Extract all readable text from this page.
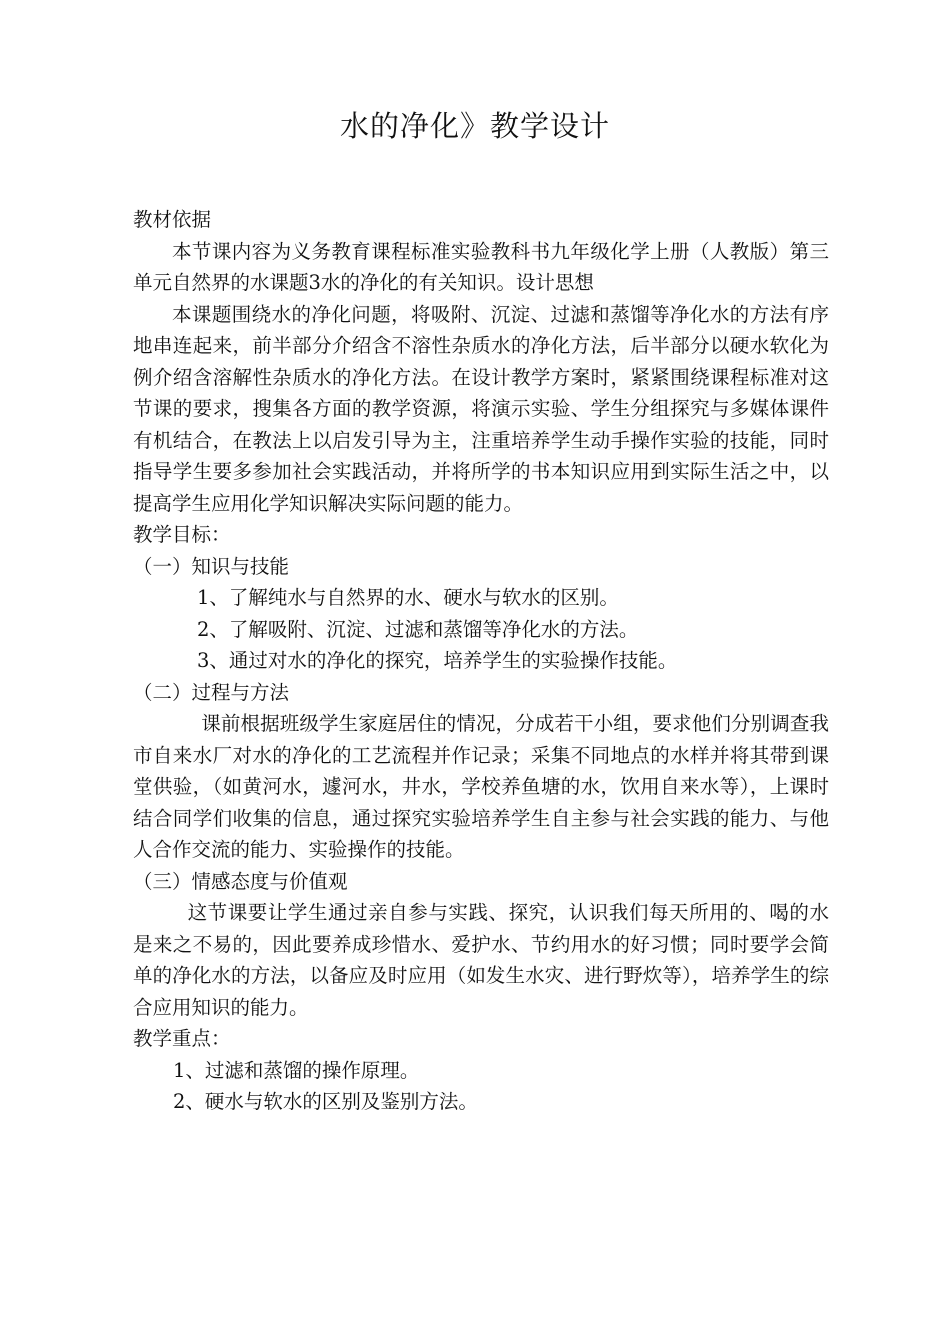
水的净化》教学设计

教材依据

本节课内容为义务教育课程标准实验教科书九年级化学上册（人教版）第三单元自然界的水课题3水的净化的有关知识。设计思想

本课题围绕水的净化问题，将吸附、沉淀、过滤和蒸馏等净化水的方法有序地串连起来，前半部分介绍含不溶性杂质水的净化方法，后半部分以硬水软化为例介绍含溶解性杂质水的净化方法。在设计教学方案时，紧紧围绕课程标准对这节课的要求，搜集各方面的教学资源，将演示实验、学生分组探究与多媒体课件有机结合，在教法上以启发引导为主，注重培养学生动手操作实验的技能，同时指导学生要多参加社会实践活动，并将所学的书本知识应用到实际生活之中，以提高学生应用化学知识解决实际问题的能力。

教学目标：

（一）知识与技能

1、了解纯水与自然界的水、硬水与软水的区别。

2、了解吸附、沉淀、过滤和蒸馏等净化水的方法。

3、通过对水的净化的探究，培养学生的实验操作技能。

（二）过程与方法

课前根据班级学生家庭居住的情况，分成若干小组，要求他们分别调查我市自来水厂对水的净化的工艺流程并作记录；采集不同地点的水样并将其带到课堂供验，（如黄河水，遽河水，井水，学校养鱼塘的水，饮用自来水等），上课时结合同学们收集的信息，通过探究实验培养学生自主参与社会实践的能力、与他人合作交流的能力、实验操作的技能。

（三）情感态度与价值观

这节课要让学生通过亲自参与实践、探究，认识我们每天所用的、喝的水是来之不易的，因此要养成珍惜水、爱护水、节约用水的好习惯；同时要学会简单的净化水的方法，以备应及时应用（如发生水灾、进行野炊等），培养学生的综合应用知识的能力。

教学重点：

1、过滤和蒸馏的操作原理。

2、硬水与软水的区别及鉴别方法。
